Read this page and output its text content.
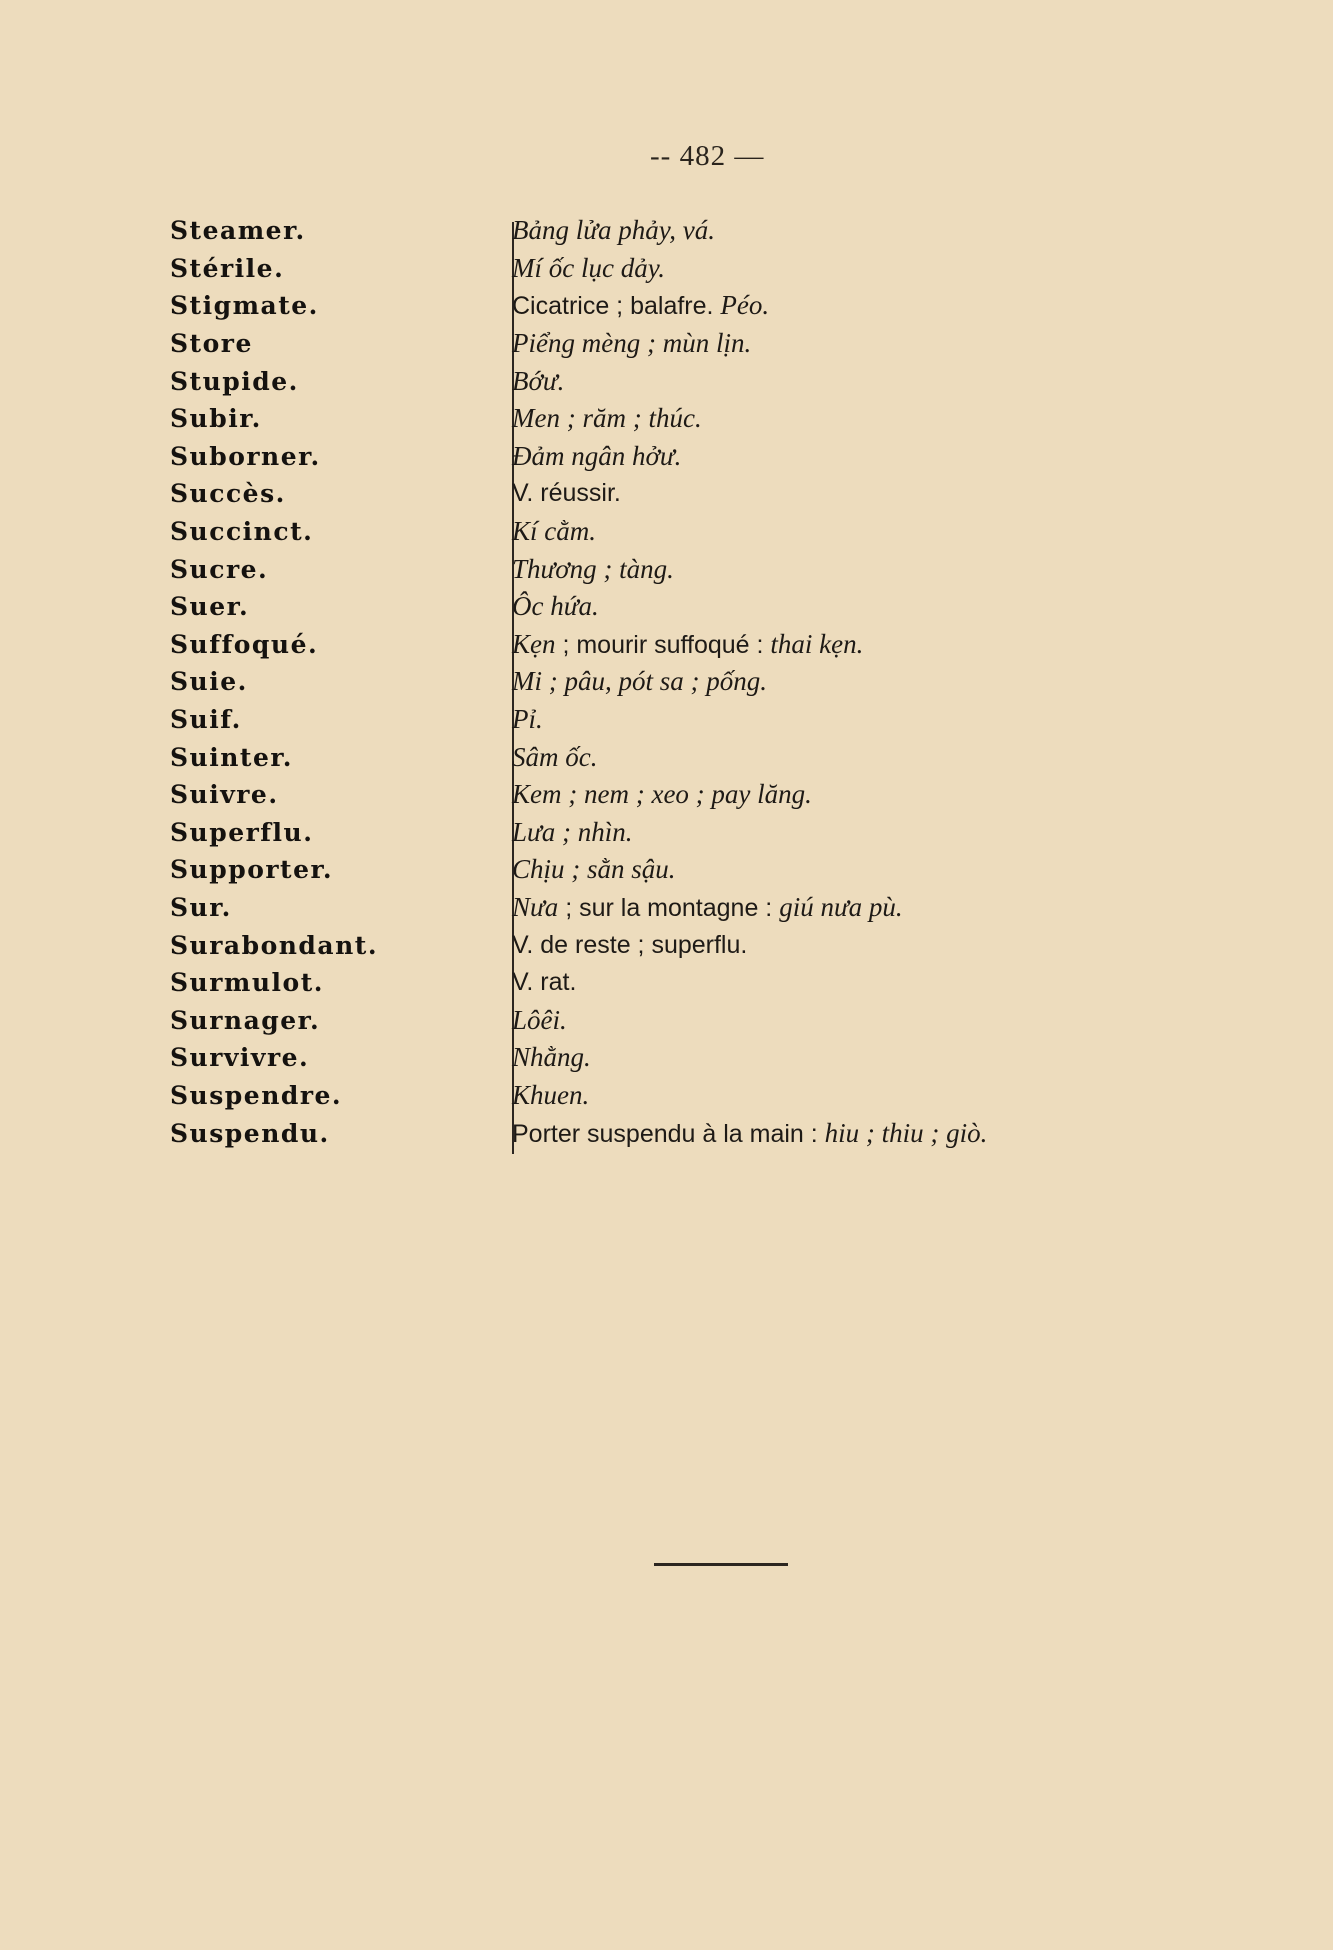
-- 482 —
Steamer.	Bảng lửa phảy, vá.
Stérile.	Mí ốc lục dảy.
Stigmate.	Cicatrice ; balafre. Péo.
Store	Piểng mèng ; mùn lịn.
Stupide.	Bớư.
Subir.	Men ; răm ; thúc.
Suborner.	Đảm ngân hởư.
Succès.	V. réussir.
Succinct.	Kí cằm.
Sucre.	Thương ; tàng.
Suer.	Ôc hứa.
Suffoqué.	Kẹn ; mourir suffoqué : thai kẹn.
Suie.	Mi ; pâu, pót sa ; pống.
Suif.	Pỉ.
Suinter.	Sâm ốc.
Suivre.	Kem ; nem ; xeo ; pay lăng.
Superflu.	Lưa ; nhìn.
Supporter.	Chịu ; sằn sậu.
Sur.	Nưa ; sur la montagne : giú nưa pù.
Surabondant.	V. de reste ; superflu.
Surmulot.	V. rat.
Surnager.	Lôêi.
Survivre.	Nhằng.
Suspendre.	Khuen.
Suspendu.	Porter suspendu à la main : hiu ; thiu ; giò.
